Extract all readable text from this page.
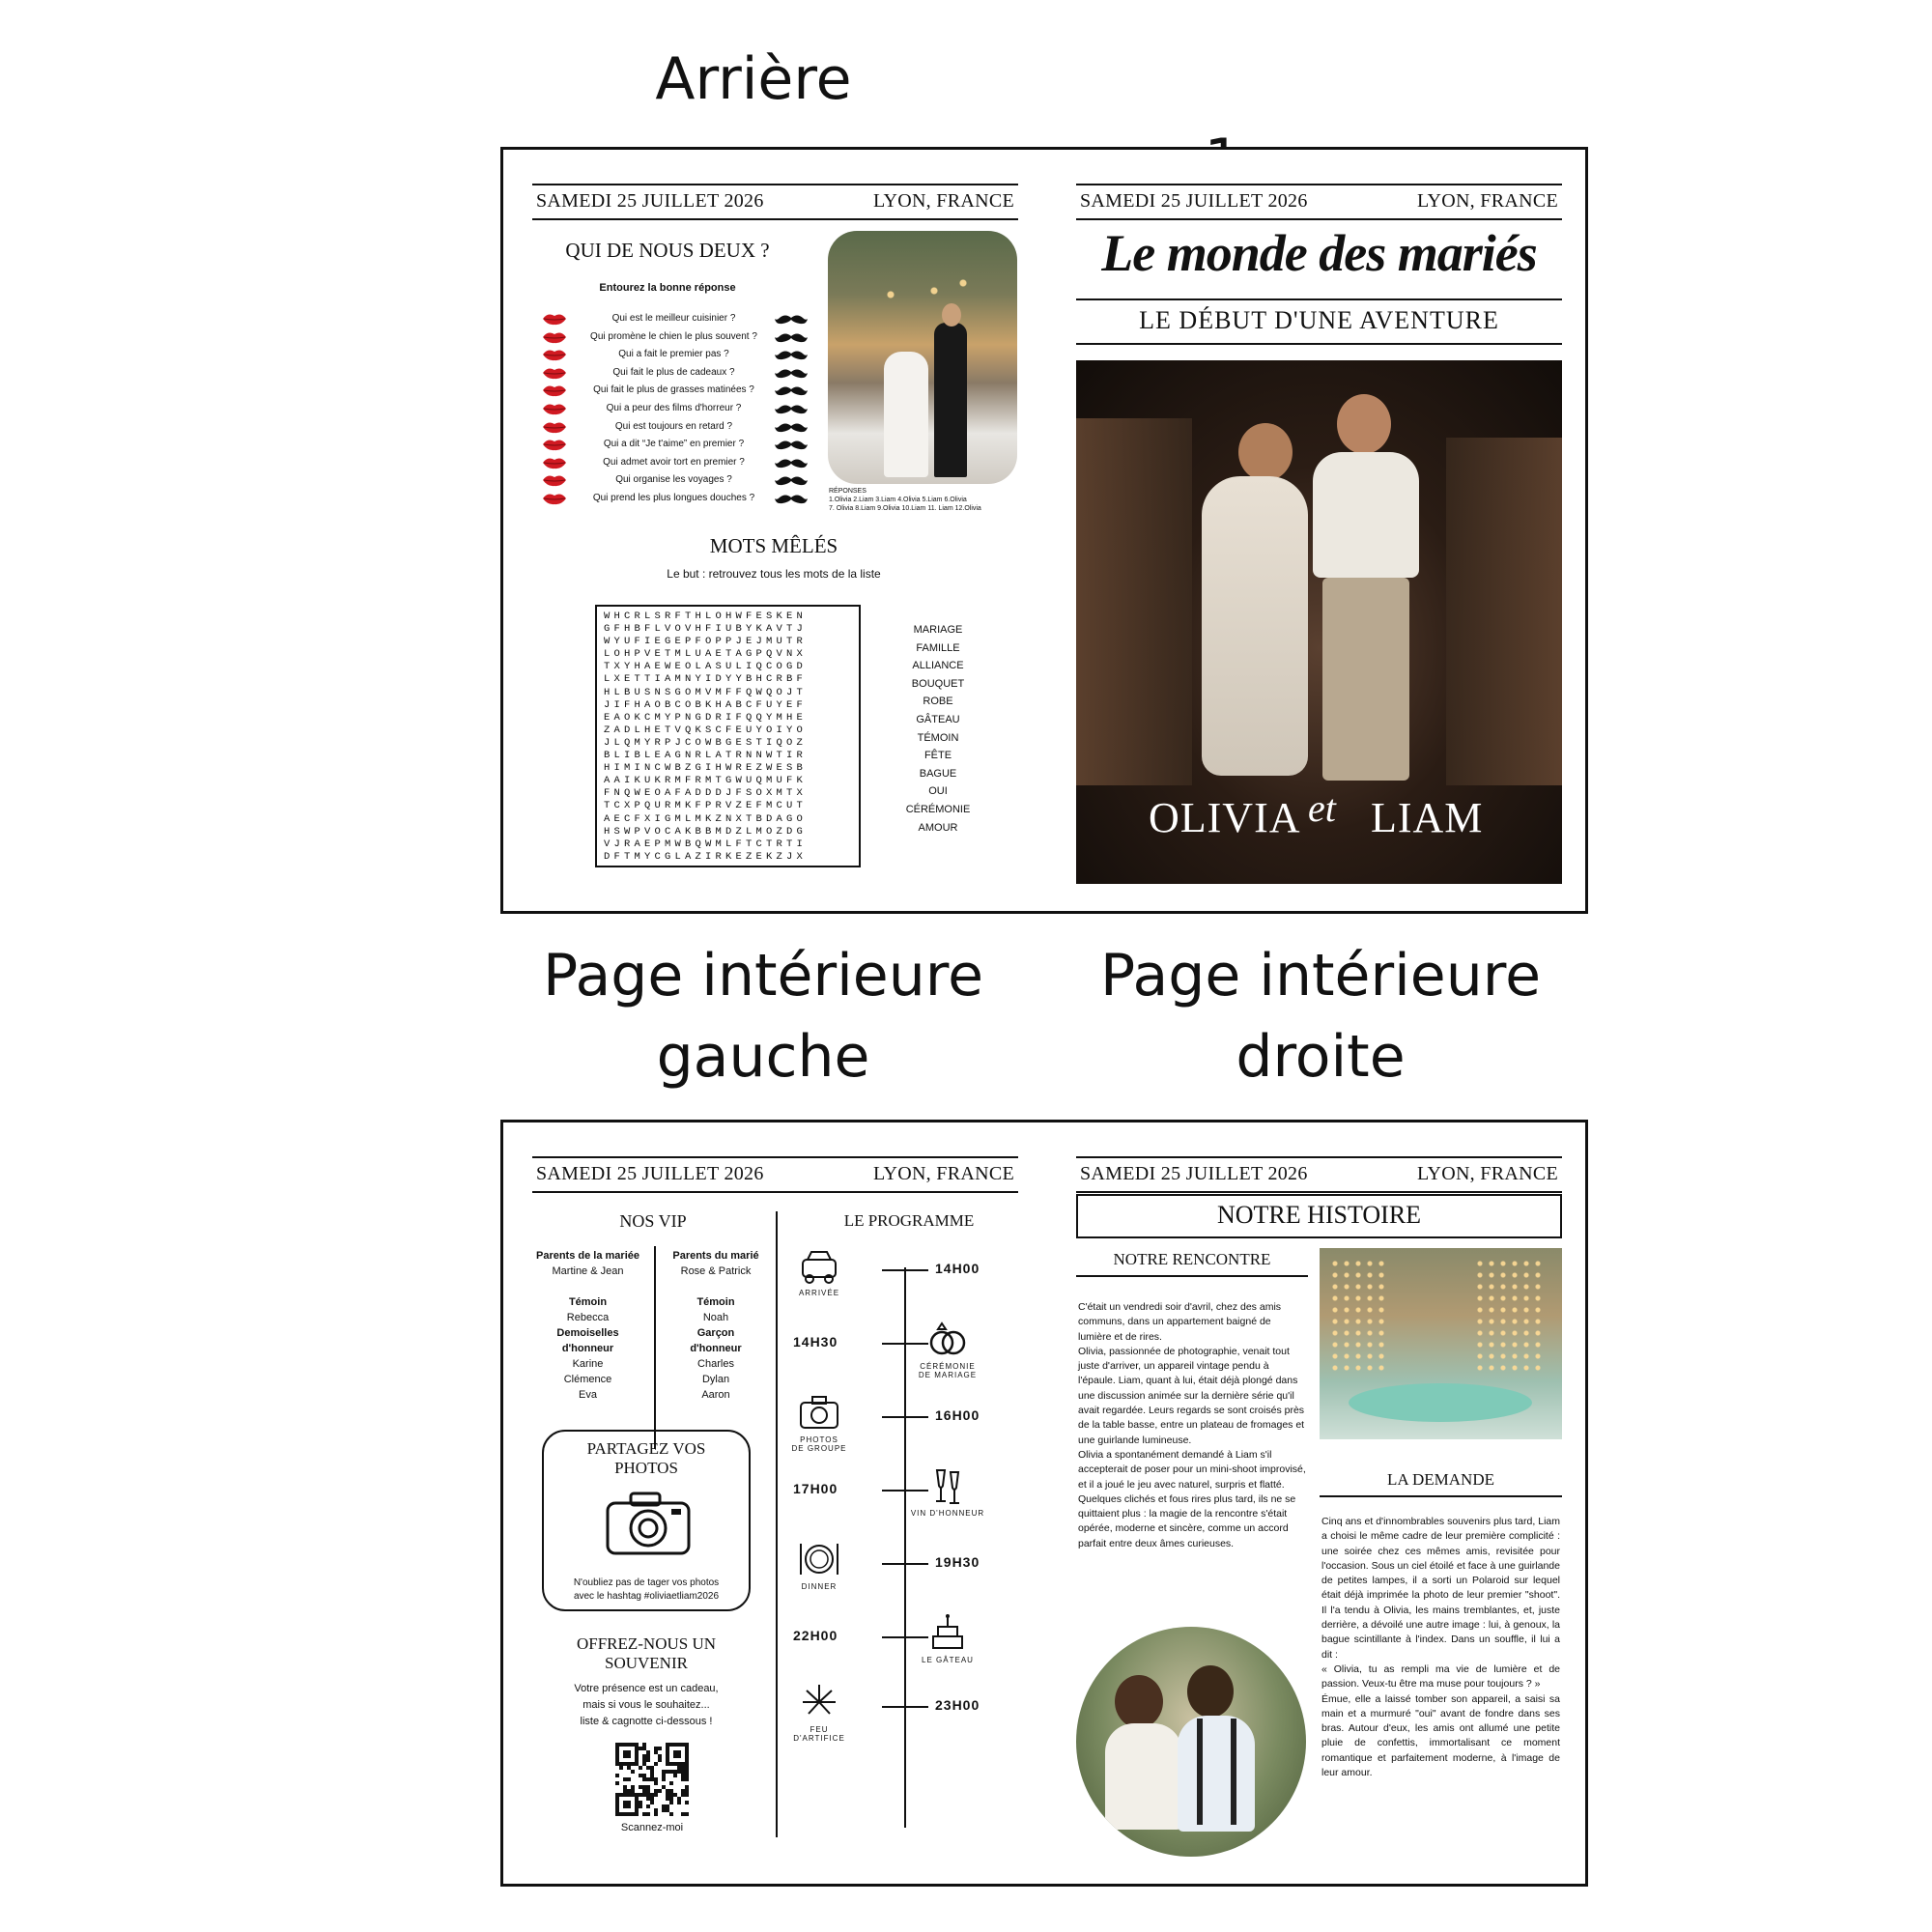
Arrière

Page intérieure
gauche
Page intérieure
droite
SAMEDI 25 JUILLET 2026	LYON, FRANCE
QUI DE NOUS DEUX ?
Entourez la bonne réponse
Qui est le meilleur cuisinier ?
Qui promène le chien le plus souvent ?
Qui a fait le premier pas ?
Qui fait le plus de cadeaux ?
Qui fait le plus de grasses matinées ?
Qui a peur des films d'horreur ?
Qui est toujours en retard ?
Qui a dit “Je t'aime” en premier ?
Qui admet avoir tort en premier ?
Qui organise les voyages ?
Qui prend les plus longues douches ?
RÉPONSES
1.Olivia 2.Liam 3.Liam 4.Olivia 5.Liam 6.Olivia
7. Olivia 8.Liam 9.Olivia 10.Liam 11. Liam 12.Olivia
MOTS MÊLÉS
Le but : retrouvez tous les mots de la liste
WHCRLSRFTHLOHWFESKEN
GFHBFLVOVHFIUBYKAVTJ
WYUFIEGEPFOPPJEJMUTR
LOHPVETMLUAETAGPQVNX
TXYHAEWEOLASULIQCOGD
LXETTIAMNYIDYYBHCRBF
HLBUSNSGOMVMFFQWQOJT
JIFHAOBCOBKHABCFUYEF
EAOKCMYPNGDRIFQQYMHE
ZADLHETVQKSCFEUYOIYO
JLQMYRPJCOWBGESTIQOZ
BLIBLEAGNRLATRNNWTIR
HIMINCWBZGIHWREZWESB
AAIKUKRMFRMTGWUQMUFK
FNQWEOAFADDDJFSOXMTX
TCXPQURMKFPRVZEFMCUT
AECFXIGMLMKZNXTBDAGO
HSWPVOCAKBBMDZLMOZDG
VJRAEPMWBQWMLFTCTRTI
DFTMYCGLAZIRKEZEKZJX
MARIAGE
FAMILLE
ALLIANCE
BOUQUET
ROBE
GÂTEAU
TÉMOIN
FÊTE
BAGUE
OUI
CÉRÉMONIE
AMOUR
SAMEDI 25 JUILLET 2026	LYON, FRANCE
Le monde des mariés
LE DÉBUT D'UNE AVENTURE
OLIVIA et LIAM
SAMEDI 25 JUILLET 2026	LYON, FRANCE
NOS VIP
Parents de la mariée
Martine & Jean
Témoin
Rebecca
Demoiselles
d'honneur
Karine
Clémence
Eva
Parents du marié
Rose & Patrick
Témoin
Noah
Garçon
d'honneur
Charles
Dylan
Aaron
PARTAGEZ VOS
PHOTOS
N'oubliez pas de tager vos photos
avec le hashtag #oliviaetliam2026
OFFREZ-NOUS UN
SOUVENIR
Votre présence est un cadeau,
mais si vous le souhaitez...
liste & cagnotte ci-dessous !
Scannez-moi
LE PROGRAMME
14H00
ARRIVÉE
14H30
CÉRÉMONIE
DE MARIAGE
16H00
PHOTOS
DE GROUPE
17H00
VIN D'HONNEUR
19H30
DINNER
22H00
LE GÂTEAU
23H00
FEU
D'ARTIFICE
SAMEDI 25 JUILLET 2026	LYON, FRANCE
NOTRE HISTOIRE
NOTRE RENCONTRE
C'était un vendredi soir d'avril, chez des amis communs, dans un appartement baigné de lumière et de rires.
Olivia, passionnée de photographie, venait tout juste d'arriver, un appareil vintage pendu à l'épaule. Liam, quant à lui, était déjà plongé dans une discussion animée sur la dernière série qu'il avait regardée. Leurs regards se sont croisés près de la table basse, entre un plateau de fromages et une guirlande lumineuse.
Olivia a spontanément demandé à Liam s'il accepterait de poser pour un mini-shoot improvisé, et il a joué le jeu avec naturel, surpris et flatté.
Quelques clichés et fous rires plus tard, ils ne se quittaient plus : la magie de la rencontre s'était opérée, moderne et sincère, comme un accord parfait entre deux âmes curieuses.
LA DEMANDE
Cinq ans et d'innombrables souvenirs plus tard, Liam a choisi le même cadre de leur première complicité : une soirée chez ces mêmes amis, revisitée pour l'occasion. Sous un ciel étoilé et face à une guirlande de petites lampes, il a sorti un Polaroid sur lequel était déjà imprimée la photo de leur premier "shoot". Il l'a tendu à Olivia, les mains tremblantes, et, juste derrière, a dévoilé une autre image : lui, à genoux, la bague scintillante à l'index. Dans un souffle, il lui a dit :
« Olivia, tu as rempli ma vie de lumière et de passion. Veux-tu être ma muse pour toujours ? »
Émue, elle a laissé tomber son appareil, a saisi sa main et a murmuré "oui" avant de fondre dans ses bras. Autour d'eux, les amis ont allumé une petite pluie de confettis, immortalisant ce moment romantique et parfaitement moderne, à l'image de leur amour.
